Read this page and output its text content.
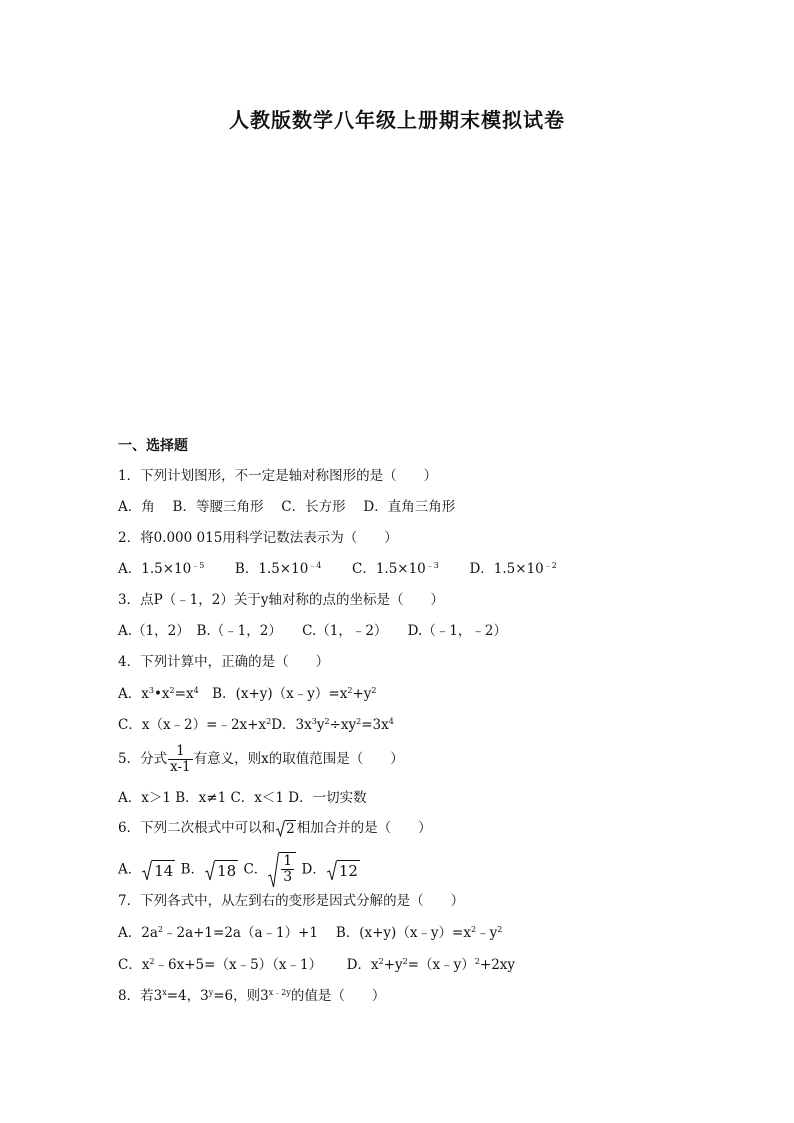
人教版数学八年级上册期末模拟试卷
一、选择题
1．下列计划图形，不一定是轴对称图形的是（　　）
A．角　 B．等腰三角形　 C．长方形　 D．直角三角形
2．将0.000 015用科学记数法表示为（　　）
A．$1.5\times 10^{﹣5}$ B．$1.5\times 10^{﹣4}$ C．$1.5\times 10^{﹣3}$ D．$1.5\times 10^{﹣2}$
3．点P（﹣1，2）关于y轴对称的点的坐标是（　　）
A.（1，2）　B.（﹣1，2）　　C.（1，﹣2）　　D.（﹣1，﹣2）
4．下列计算中，正确的是（　　）
A．$x^3•x^2=x^4$　B．$(x+y)(x﹣y)=x^2+y^2$
C．$x(x﹣2)=﹣2x+x^2D$．$3x^3y^2\div xy^2=3x^4$
5．分式 $\frac{1}{x-1}$ 有意义，则x的取值范围是（　　）
A．x＞1 B．x≠1 C．x＜1 D．一切实数
6．下列二次根式中可以和 2 相加合并的是（　　）
A． 14 B． 18 C． $\frac{1}{3}$ D． 12
7．下列各式中，从左到右的变形是因式分解的是（　　）
A．$2a^2﹣2a+1=2a(a﹣1)+1$　 B．$(x+y)(x﹣y)=x^2﹣y^2$
C．$x^2﹣6x+5=(x﹣5)(x﹣1)$　　 D．$x^2+y^2=(x﹣y)^2+2xy$
8．若$3^x=4$，$3^y=6$，则$3^{x﹣2y}$的值是（　　）
